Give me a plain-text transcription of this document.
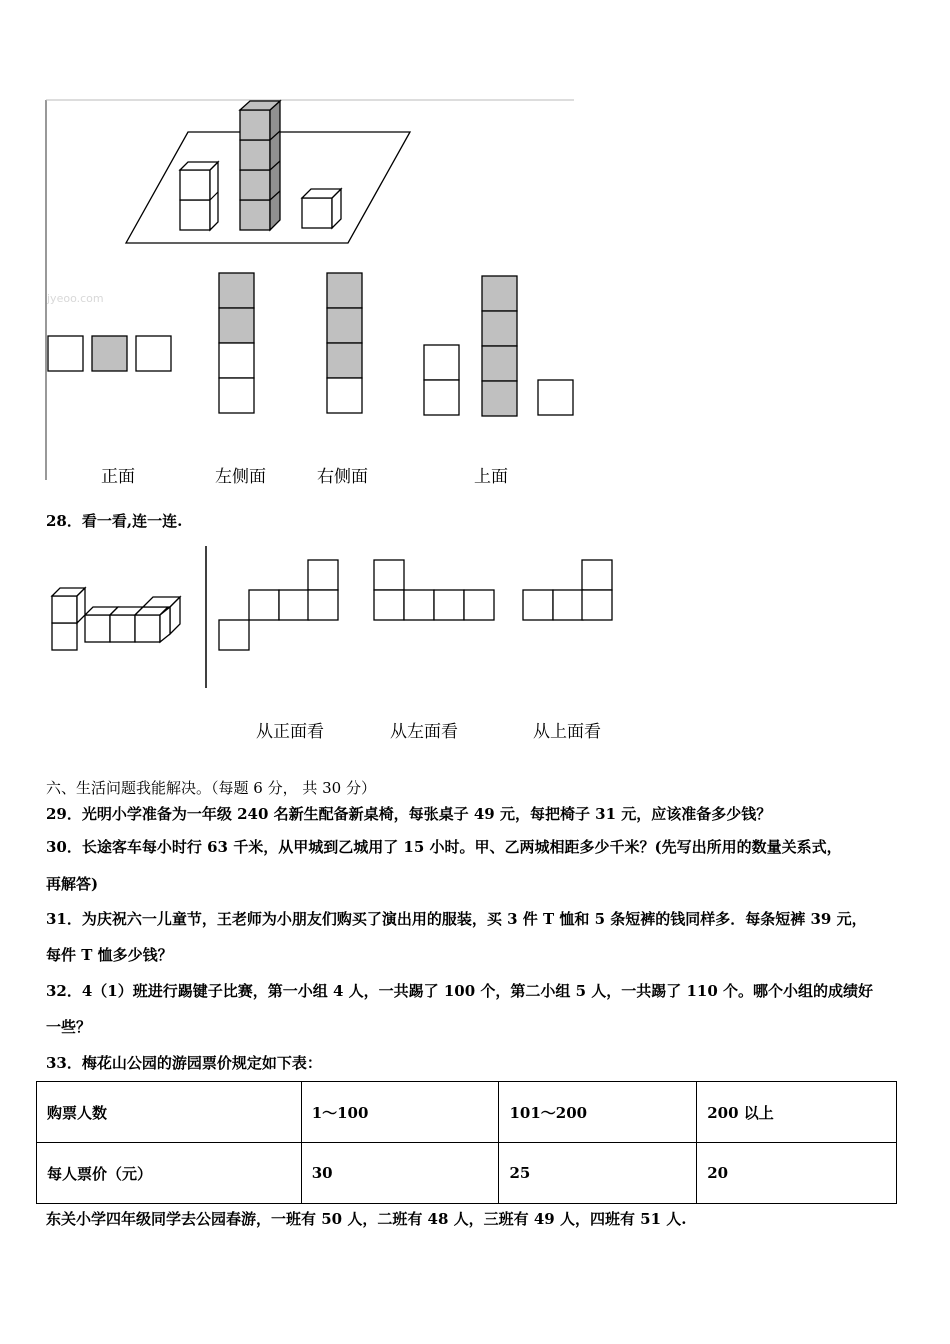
jyeoo.com
正面	左侧面	右侧面	上面
28．看一看,连一连.
从正面看	从左面看	从上面看
六、生活问题我能解决。（每题 6 分， 共 30 分）
29．光明小学准备为一年级 240 名新生配备新桌椅，每张桌子 49 元，每把椅子 31 元，应该准备多少钱？
30．长途客车每小时行 63 千米，从甲城到乙城用了 15 小时。甲、乙两城相距多少千米？(先写出所用的数量关系式，
再解答)
31．为庆祝六一儿童节，王老师为小朋友们购买了演出用的服装，买 3 件 T 恤和 5 条短裤的钱同样多．每条短裤 39 元，
每件 T 恤多少钱？
32．4（1）班进行踢键子比赛，第一小组 4 人，一共踢了 100 个，第二小组 5 人，一共踢了 110 个。哪个小组的成绩好
一些？
33．梅花山公园的游园票价规定如下表：
购票人数	1～100	101～200	200 以上
每人票价（元）	30	25	20
东关小学四年级同学去公园春游，一班有 50 人，二班有 48 人，三班有 49 人，四班有 51 人.
